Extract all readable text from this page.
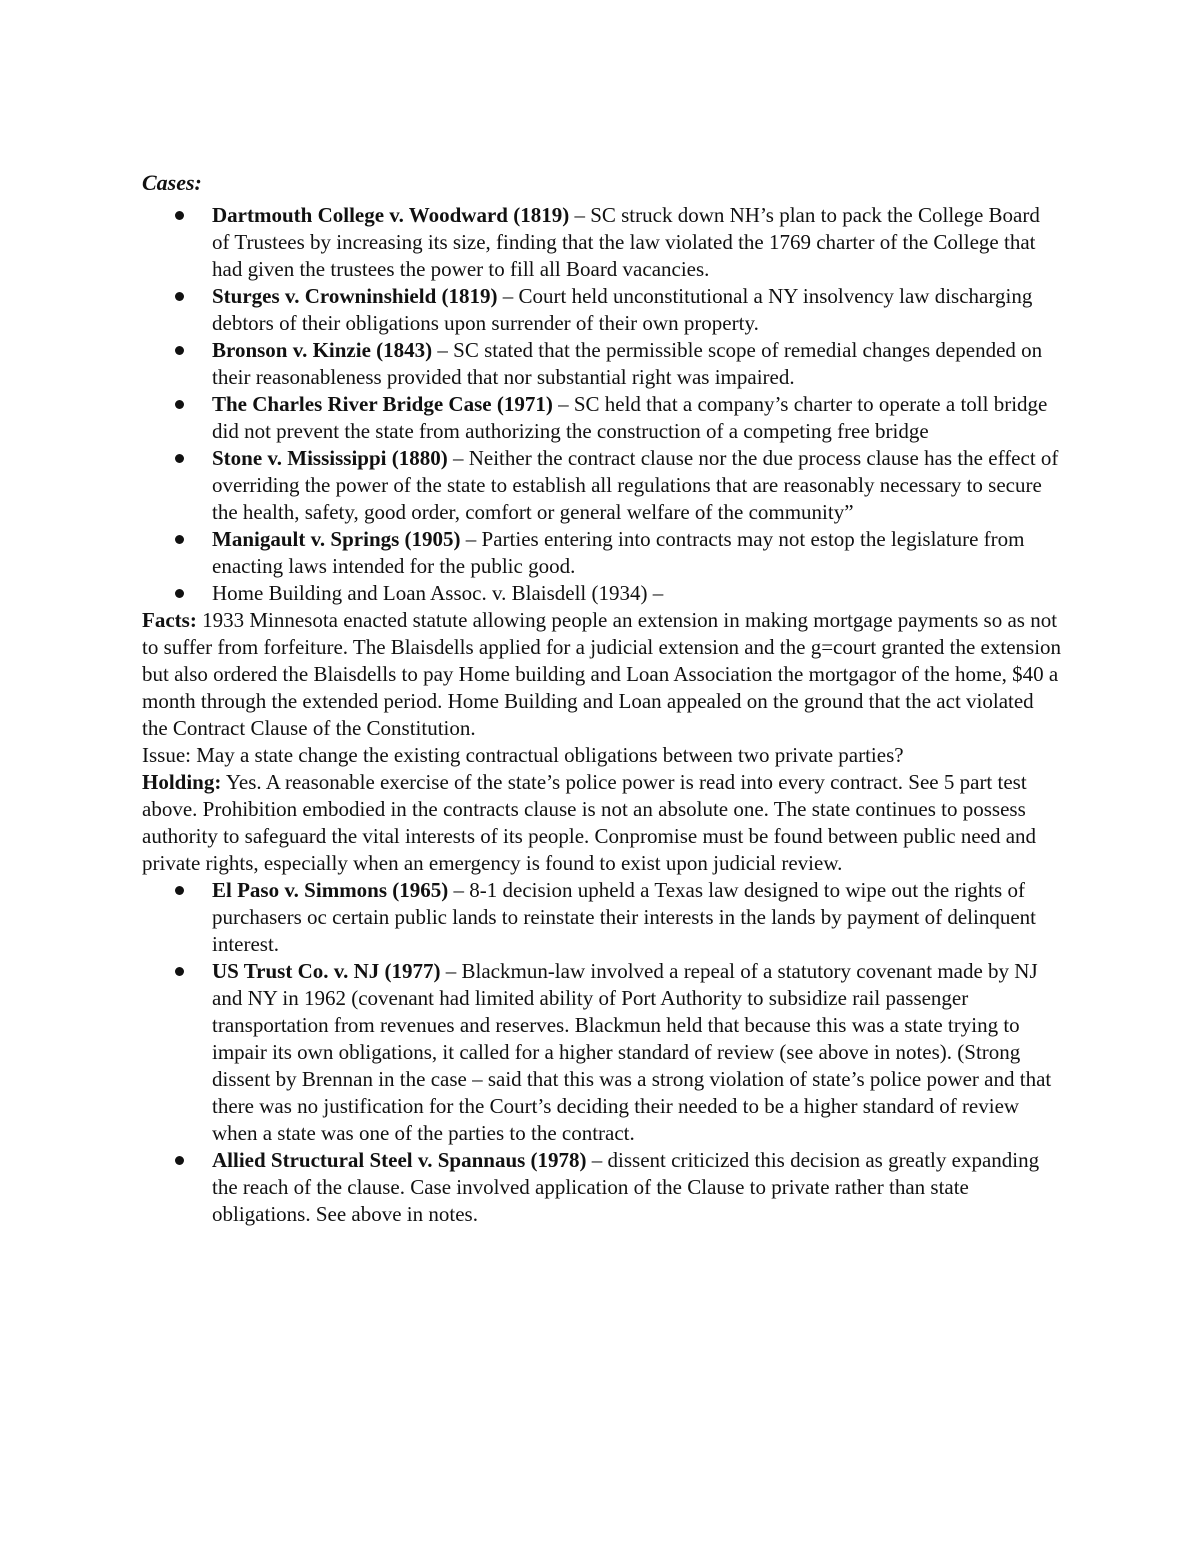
Cases:
Dartmouth College v. Woodward (1819) – SC struck down NH’s plan to pack the College Board of Trustees by increasing its size, finding that the law violated the 1769 charter of the College that had given the trustees the power to fill all Board vacancies.
Sturges v. Crowninshield (1819) – Court held unconstitutional a NY insolvency law discharging debtors of their obligations upon surrender of their own property.
Bronson v. Kinzie (1843) – SC stated that the permissible scope of remedial changes depended on their reasonableness provided that nor substantial right was impaired.
The Charles River Bridge Case (1971) – SC held that a company’s charter to operate a toll bridge did not prevent the state from authorizing the construction of a competing free bridge
Stone v. Mississippi (1880) – Neither the contract clause nor the due process clause has the effect of overriding the power of the state to establish all regulations that are reasonably necessary to secure the health, safety, good order, comfort or general welfare of the community”
Manigault v. Springs (1905) – Parties entering into contracts may not estop the legislature from enacting laws intended for the public good.
Home Building and Loan Assoc. v. Blaisdell (1934) –

Facts: 1933 Minnesota enacted statute allowing people an extension in making mortgage payments so as not to suffer from forfeiture. The Blaisdells applied for a judicial extension and the g=court granted the extension but also ordered the Blaisdells to pay Home building and Loan Association the mortgagor of the home, $40 a month through the extended period. Home Building and Loan appealed on the ground that the act violated the Contract Clause of the Constitution.

Issue: May a state change the existing contractual obligations between two private parties?

Holding: Yes. A reasonable exercise of the state’s police power is read into every contract. See 5 part test above. Prohibition embodied in the contracts clause is not an absolute one. The state continues to possess authority to safeguard the vital interests of its people. Conpromise must be found between public need and private rights, especially when an emergency is found to exist upon judicial review.

El Paso v. Simmons (1965) – 8-1 decision upheld a Texas law designed to wipe out the rights of purchasers oc certain public lands to reinstate their interests in the lands by payment of delinquent interest.
US Trust Co. v. NJ (1977) – Blackmun-law involved a repeal of a statutory covenant made by NJ and NY in 1962 (covenant had limited ability of Port Authority to subsidize rail passenger transportation from revenues and reserves. Blackmun held that because this was a state trying to impair its own obligations, it called for a higher standard of review (see above in notes). (Strong dissent by Brennan in the case – said that this was a strong violation of state’s police power and that there was no justification for the Court’s deciding their needed to be a higher standard of review when a state was one of the parties to the contract.
Allied Structural Steel v. Spannaus (1978) – dissent criticized this decision as greatly expanding the reach of the clause. Case involved application of the Clause to private rather than state obligations. See above in notes.
